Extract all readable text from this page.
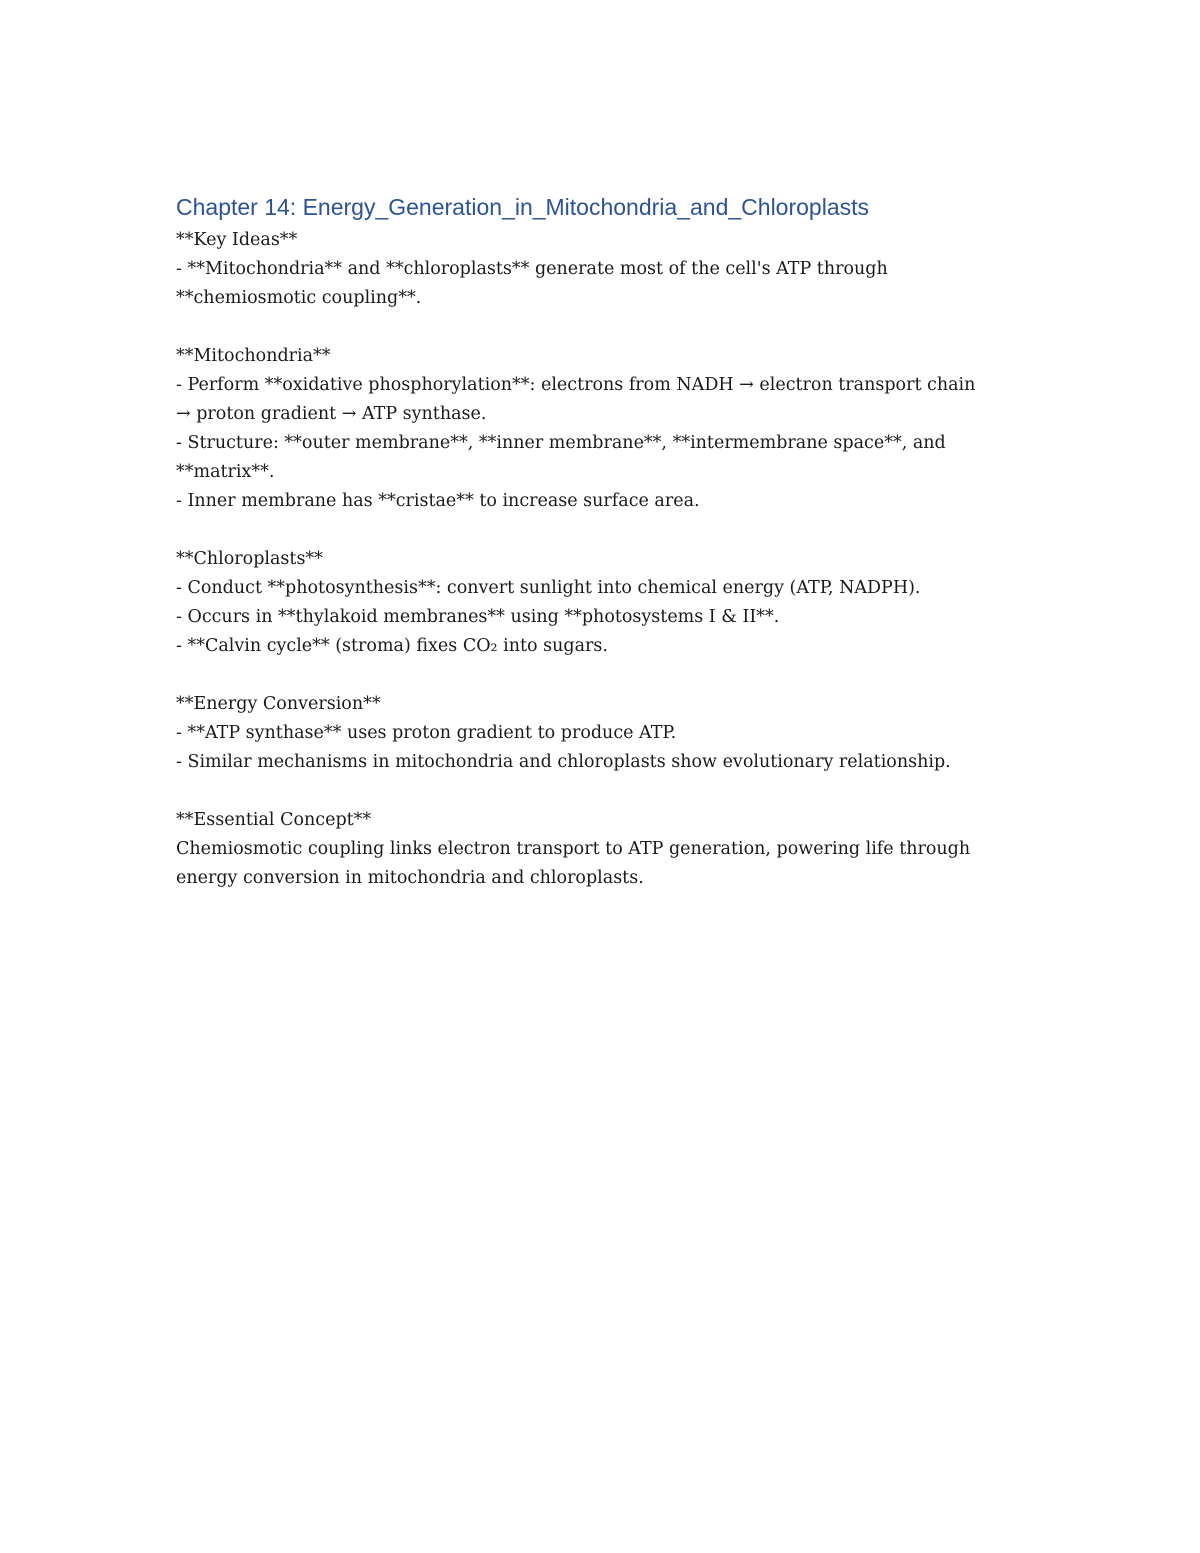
Chapter 14: Energy_Generation_in_Mitochondria_and_Chloroplasts

**Key Ideas**

- **Mitochondria** and **chloroplasts** generate most of the cell's ATP through

**chemiosmotic coupling**.

**Mitochondria**

- Perform **oxidative phosphorylation**: electrons from NADH → electron transport chain

→ proton gradient → ATP synthase.

- Structure: **outer membrane**, **inner membrane**, **intermembrane space**, and

**matrix**.

- Inner membrane has **cristae** to increase surface area.

**Chloroplasts**

- Conduct **photosynthesis**: convert sunlight into chemical energy (ATP, NADPH).

- Occurs in **thylakoid membranes** using **photosystems I & II**.

- **Calvin cycle** (stroma) fixes CO₂ into sugars.

**Energy Conversion**

- **ATP synthase** uses proton gradient to produce ATP.

- Similar mechanisms in mitochondria and chloroplasts show evolutionary relationship.

**Essential Concept**

Chemiosmotic coupling links electron transport to ATP generation, powering life through

energy conversion in mitochondria and chloroplasts.
